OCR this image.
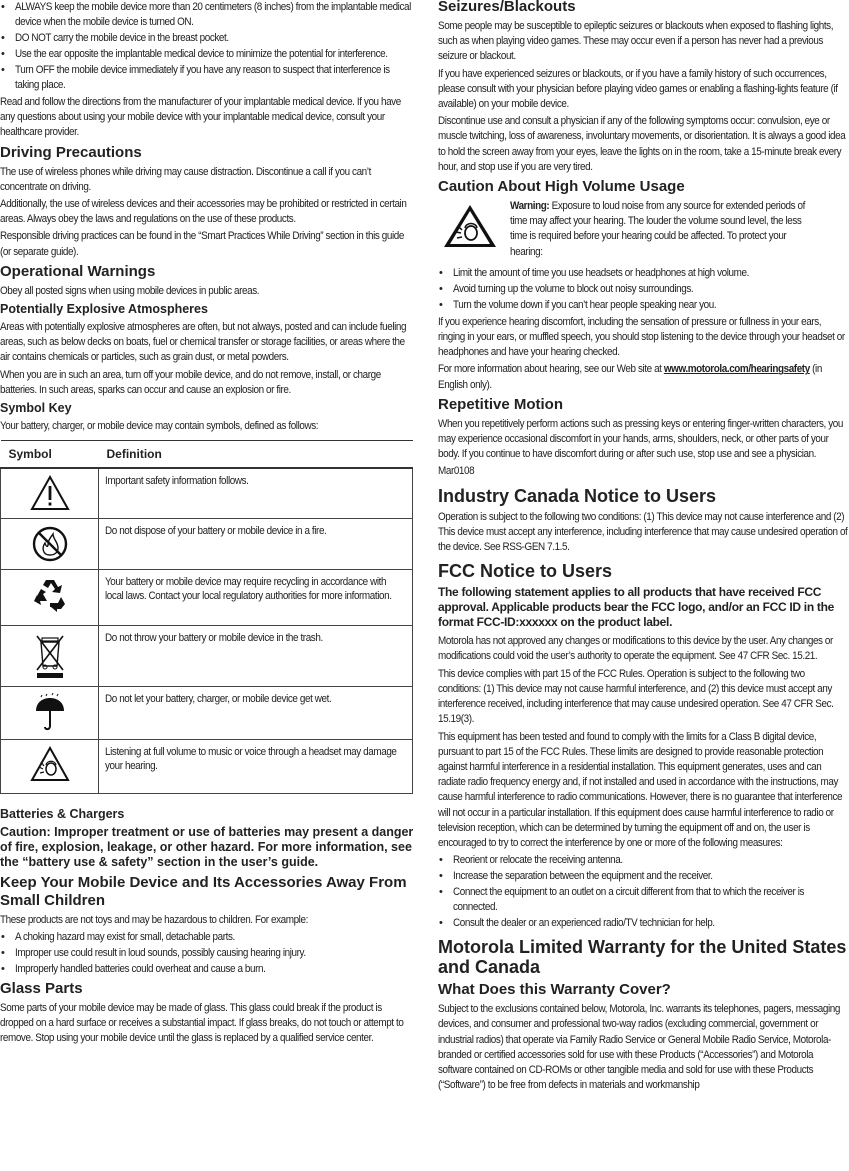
• ALWAYS keep the mobile device more than 20 centimeters (8 inches) from the implantable medical device when the mobile device is turned ON.
• DO NOT carry the mobile device in the breast pocket.
• Use the ear opposite the implantable medical device to minimize the potential for interference.
• Turn OFF the mobile device immediately if you have any reason to suspect that interference is taking place.

Read and follow the directions from the manufacturer of your implantable medical device. If you have any questions about using your mobile device with your implantable medical device, consult your healthcare provider.

Driving Precautions

The use of wireless phones while driving may cause distraction. Discontinue a call if you can’t concentrate on driving.

Additionally, the use of wireless devices and their accessories may be prohibited or restricted in certain areas. Always obey the laws and regulations on the use of these products.

Responsible driving practices can be found in the “Smart Practices While Driving” section in this guide (or separate guide).

Operational Warnings

Obey all posted signs when using mobile devices in public areas.

Potentially Explosive Atmospheres

Areas with potentially explosive atmospheres are often, but not always, posted and can include fueling areas, such as below decks on boats, fuel or chemical transfer or storage facilities, or areas where the air contains chemicals or particles, such as grain dust, or metal powders.

When you are in such an area, turn off your mobile device, and do not remove, install, or charge batteries. In such areas, sparks can occur and cause an explosion or fire.

Symbol Key

Your battery, charger, or mobile device may contain symbols, defined as follows:

Symbol	Definition

Important safety information follows.

Do not dispose of your battery or mobile device in a fire.

Your battery or mobile device may require recycling in accordance with local laws. Contact your local regulatory authorities for more information.

Do not throw your battery or mobile device in the trash.

Do not let your battery, charger, or mobile device get wet.

Listening at full volume to music or voice through a headset may damage your hearing.
Batteries & Chargers
Caution: Improper treatment or use of batteries may present a danger of fire, explosion, leakage, or other hazard. For more information, see the “battery use & safety” section in the user’s guide.
Keep Your Mobile Device and Its Accessories Away From Small Children

These products are not toys and may be hazardous to children. For example:

• A choking hazard may exist for small, detachable parts.
• Improper use could result in loud sounds, possibly causing hearing injury.
• Improperly handled batteries could overheat and cause a burn.
Glass Parts

Some parts of your mobile device may be made of glass. This glass could break if the product is dropped on a hard surface or receives a substantial impact. If glass breaks, do not touch or attempt to remove. Stop using your mobile device until the glass is replaced by a qualified service center.

Seizures/Blackouts

Some people may be susceptible to epileptic seizures or blackouts when exposed to flashing lights, such as when playing video games. These may occur even if a person has never had a previous seizure or blackout.

If you have experienced seizures or blackouts, or if you have a family history of such occurrences, please consult with your physician before playing video games or enabling a flashing-lights feature (if available) on your mobile device.

Discontinue use and consult a physician if any of the following symptoms occur: convulsion, eye or muscle twitching, loss of awareness, involuntary movements, or disorientation. It is always a good idea to hold the screen away from your eyes, leave the lights on in the room, take a 15-minute break every hour, and stop use if you are very tired.

Caution About High Volume Usage

Warning: Exposure to loud noise from any source for extended periods of time may affect your hearing. The louder the volume sound level, the less time is required before your hearing could be affected. To protect your hearing:

• Limit the amount of time you use headsets or headphones at high volume.
• Avoid turning up the volume to block out noisy surroundings.
• Turn the volume down if you can’t hear people speaking near you.

If you experience hearing discomfort, including the sensation of pressure or fullness in your ears, ringing in your ears, or muffled speech, you should stop listening to the device through your headset or headphones and have your hearing checked.

For more information about hearing, see our Web site at www.motorola.com/hearingsafety (in English only).

Repetitive Motion

When you repetitively perform actions such as pressing keys or entering finger-written characters, you may experience occasional discomfort in your hands, arms, shoulders, neck, or other parts of your body. If you continue to have discomfort during or after such use, stop use and see a physician.

Mar0108

Industry Canada Notice to Users

Operation is subject to the following two conditions: (1) This device may not cause interference and (2) This device must accept any interference, including interference that may cause undesired operation of the device. See RSS-GEN 7.1.5.

FCC Notice to Users
The following statement applies to all products that have received FCC approval. Applicable products bear the FCC logo, and/or an FCC ID in the format FCC-ID:xxxxxx on the product label.

Motorola has not approved any changes or modifications to this device by the user. Any changes or modifications could void the user’s authority to operate the equipment. See 47 CFR Sec. 15.21.

This device complies with part 15 of the FCC Rules. Operation is subject to the following two conditions: (1) This device may not cause harmful interference, and (2) this device must accept any interference received, including interference that may cause undesired operation. See 47 CFR Sec. 15.19(3).

This equipment has been tested and found to comply with the limits for a Class B digital device, pursuant to part 15 of the FCC Rules. These limits are designed to provide reasonable protection against harmful interference in a residential installation. This equipment generates, uses and can radiate radio frequency energy and, if not installed and used in accordance with the instructions, may cause harmful interference to radio communications. However, there is no guarantee that interference will not occur in a particular installation. If this equipment does cause harmful interference to radio or television reception, which can be determined by turning the equipment off and on, the user is encouraged to try to correct the interference by one or more of the following measures:

• Reorient or relocate the receiving antenna.
• Increase the separation between the equipment and the receiver.
• Connect the equipment to an outlet on a circuit different from that to which the receiver is connected.
• Consult the dealer or an experienced radio/TV technician for help.
Motorola Limited Warranty for the United States and Canada
What Does this Warranty Cover?

Subject to the exclusions contained below, Motorola, Inc. warrants its telephones, pagers, messaging devices, and consumer and professional two-way radios (excluding commercial, government or industrial radios) that operate via Family Radio Service or General Mobile Radio Service, Motorola-branded or certified accessories sold for use with these Products (“Accessories”) and Motorola software contained on CD-ROMs or other tangible media and sold for use with these Products (“Software”) to be free from defects in materials and workmanship
